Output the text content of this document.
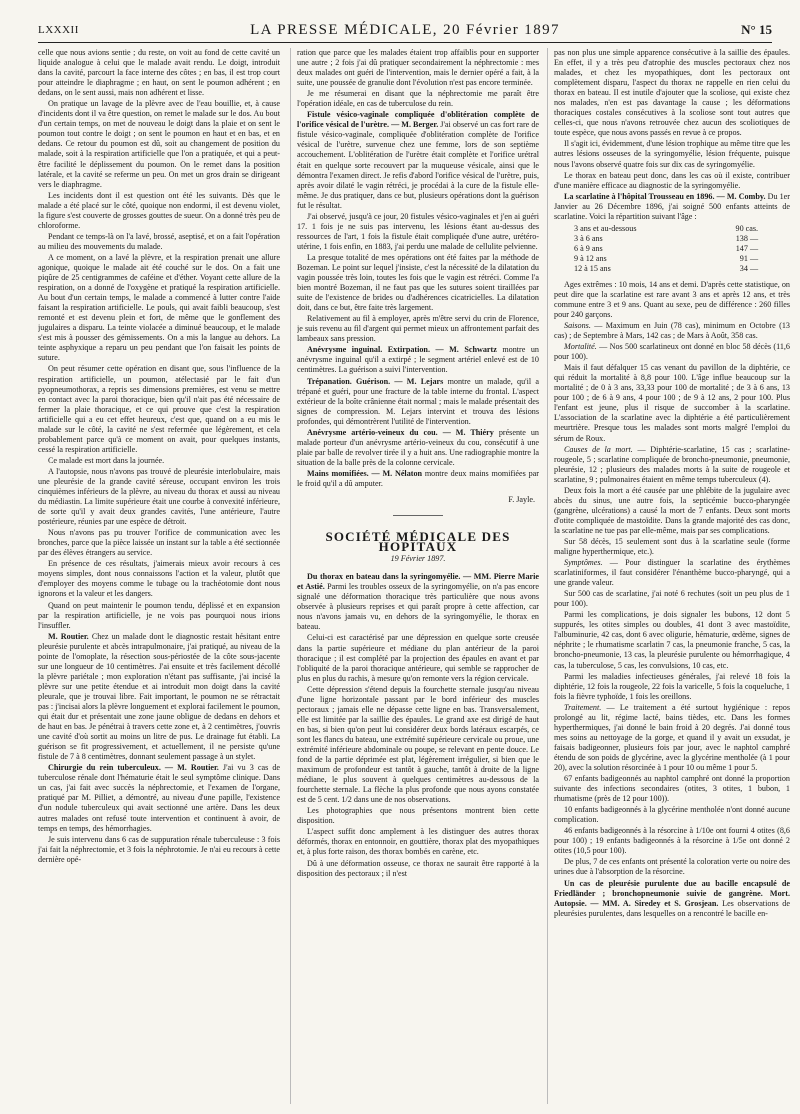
LXXXII	LA PRESSE MÉDICALE, 20 Février 1897	N° 15

celle que nous avions sentie ; du reste, on voit au fond de cette cavité un liquide analogue à celui que le malade avait rendu. Le doigt, introduit dans la cavité, parcourt la face interne des côtes ; en bas, il est trop court pour atteindre le diaphragme ; en haut, on sent le poumon adhérent ; en dedans, on le sent aussi, mais non adhérent et lisse.

On pratique un lavage de la plèvre avec de l'eau bouillie, et, à cause d'incidents dont il va être question, on remet le malade sur le dos. Au bout d'un certain temps, on met de nouveau le doigt dans la plaie et on sent le poumon tout contre le doigt ; on sent le poumon en haut et en bas, et en dedans. Ce retour du poumon est dû, soit au changement de position du malade, soit à la respiration artificielle que l'on a pratiquée, et qui a peut-être facilité le déplissement du poumon. On le remet dans la position latérale, et la cavité se referme un peu. On met un gros drain se dirigeant vers le diaphragme.

Les incidents dont il est question ont été les suivants. Dès que le malade a été placé sur le côté, quoique non endormi, il est devenu violet, la figure s'est couverte de grosses gouttes de sueur. On a donné très peu de chloroforme.

Pendant ce temps-là on l'a lavé, brossé, aseptisé, et on a fait l'opération au milieu des mouvements du malade.

A ce moment, on a lavé la plèvre, et la respiration prenait une allure agonique, quoique le malade ait été couché sur le dos. On a fait une piqûre de 25 centigrammes de caféine et d'éther. Voyant cette allure de la respiration, on a donné de l'oxygène et pratiqué la respiration artificielle. Au bout d'un certain temps, le malade a commencé à lutter contre l'aide faisant la respiration artificielle. Le pouls, qui avait faibli beaucoup, s'est remonté et est devenu plein et fort, de même que le gonflement des jugulaires a disparu. La teinte violacée a diminué beaucoup, et le malade s'est mis à pousser des gémissements. On a mis la langue au dehors. La teinte asphyxique a reparu un peu pendant que l'on faisait les points de suture.

On peut résumer cette opération en disant que, sous l'influence de la respiration artificielle, un poumon, atélectasié par le fait d'un pyopneumothorax, a repris ses dimensions premières, est venu se mettre en contact avec la paroi thoracique, bien qu'il n'ait pas été nécessaire de fermer la plaie thoracique, et ce qui prouve que c'est la respiration artificielle qui a eu cet effet heureux, c'est que, quand on a eu mis le malade sur le côté, la cavité ne s'est refermée que légèrement, et cela probablement parce qu'à ce moment on avait, pour quelques instants, cessé la respiration artificielle.

Ce malade est mort dans la journée.

A l'autopsie, nous n'avons pas trouvé de pleurésie interlobulaire, mais une pleurésie de la grande cavité séreuse, occupant environ les trois cinquièmes inférieurs de la plèvre, au niveau du thorax et aussi au niveau du médiastin. La limite supérieure était une courbe à convexité inférieure, de sorte qu'il y avait deux grandes cavités, l'une antérieure, l'autre postérieure, réunies par une espèce de détroit.

Nous n'avons pas pu trouver l'orifice de communication avec les bronches, parce que la pièce laissée un instant sur la table a été sectionnée par des élèves étrangers au service.

En présence de ces résultats, j'aimerais mieux avoir recours à ces moyens simples, dont nous connaissons l'action et la valeur, plutôt que d'employer des moyens comme le tubage ou la trachéotomie dont nous ignorons et la valeur et les dangers.

Quand on peut maintenir le poumon tendu, déplissé et en expansion par la respiration artificielle, je ne vois pas pourquoi nous irions l'insuffler.

M. Routier. Chez un malade dont le diagnostic restait hésitant entre pleurésie purulente et abcès intrapulmonaire, j'ai pratiqué, au niveau de la pointe de l'omoplate, la résection sous-périostée de la côte sous-jacente sur une longueur de 10 centimètres. J'ai ensuite et très facilement décollé la plèvre pariétale ; mon exploration n'étant pas suffisante, j'ai incisé la plèvre sur une petite étendue et ai introduit mon doigt dans la cavité pleurale, que je trouvai libre. Fait important, le poumon ne se rétractait pas : j'incisai alors la plèvre longuement et explorai facilement le poumon, qui était dur et présentait une zone jaune obligue de dedans en dehors et de haut en bas. Je pénétrai à travers cette zone et, à 2 centimètres, j'ouvris une cavité d'où sortit au moins un litre de pus. Le drainage fut établi. La guérison se fit progressivement, et actuellement, il ne persiste qu'une fistule de 7 à 8 centimètres, donnant seulement passage à un stylet.

Chirurgie du rein tuberculeux. — M. Routier. J'ai vu 3 cas de tuberculose rénale dont l'hématurie était le seul symptôme clinique. Dans un cas, j'ai fait avec succès la néphrectomie, et l'examen de l'organe, pratiqué par M. Pilliet, a démontré, au niveau d'une papille, l'existence d'un nodule tuberculeux qui avait sectionné une artère. Dans les deux autres malades ont refusé toute intervention et continuent à avoir, de temps en temps, des hémorrhagies.

Je suis intervenu dans 6 cas de suppuration rénale tuberculeuse : 3 fois j'ai fait la néphrectomie, et 3 fois la néphrotomie. Je n'ai eu recours à cette dernière opé-

ration que parce que les malades étaient trop affaiblis pour en supporter une autre ; 2 fois j'ai dû pratiquer secondairement la néphrectomie : mes deux malades ont guéri de l'intervention, mais le dernier opéré a fait, à la suite, une poussée de granulie dont l'évolution n'est pas encore terminée.

Je me résumerai en disant que la néphrectomie me paraît être l'opération idéale, en cas de tuberculose du rein.

Fistule vésico-vaginale compliquée d'oblitération complète de l'orifice vésical de l'urètre. — M. Berger. J'ai observé un cas fort rare de fistule vésico-vaginale, compliquée d'oblitération complète de l'orifice vésical de l'urètre, survenue chez une femme, lors de son septième accouchement. L'oblitération de l'urètre était complète et l'orifice urétral était en quelque sorte recouvert par la muqueuse vésicale, ainsi que le démontra l'examen direct. Je refis d'abord l'orifice vésical de l'urètre, puis, après avoir dilaté le vagin rétréci, je procédai à la cure de la fistule elle-même. Je dus pratiquer, dans ce but, plusieurs opérations dont la guérison fut le résultat.

J'ai observé, jusqu'à ce jour, 20 fistules vésico-vaginales et j'en ai guéri 17. 1 fois je ne suis pas intervenu, les lésions étant au-dessus des ressources de l'art, 1 fois la fistule était compliquée d'une autre, urétéro-utérine, 1 fois enfin, en 1883, j'ai perdu une malade de cellulite pelvienne.

La presque totalité de mes opérations ont été faites par la méthode de Bozeman. Le point sur lequel j'insiste, c'est la nécessité de la dilatation du vagin poussée très loin, toutes les fois que le vagin est rétréci. Comme l'a bien montré Bozeman, il ne faut pas que les sutures soient tiraillées par suite de l'existence de brides ou d'adhérences cicatricielles. La dilatation doit, dans ce but, être faite très largement.

Relativement au fil à employer, après m'être servi du crin de Florence, je suis revenu au fil d'argent qui permet mieux un affrontement parfait des lambeaux sans pression.

Anévrysme inguinal. Extirpation. — M. Schwartz montre un anévrysme inguinal qu'il a extirpé ; le segment artériel enlevé est de 10 centimètres. La guérison a suivi l'intervention.

Trépanation. Guérison. — M. Lejars montre un malade, qu'il a trépané et guéri, pour une fracture de la table interne du frontal. L'aspect extérieur de la boîte crânienne était normal ; mais le malade présentait des signes de compression. M. Lejars intervint et trouva des lésions profondes, qui démontrèrent l'utilité de l'intervention.

Anévrysme artério-veineux du cou. — M. Thiéry présente un malade porteur d'un anévrysme artério-veineux du cou, consécutif à une plaie par balle de revolver tirée il y a huit ans. Une radiographie montre la situation de la balle près de la colonne cervicale.

Mains momifiées. — M. Nélaton montre deux mains momifiées par le froid qu'il a dû amputer.

F. Jayle.
SOCIÉTÉ MÉDICALE DES HOPITAUX
19 Février 1897.

Du thorax en bateau dans la syringomyélie. — MM. Pierre Marie et Astié. Parmi les troubles osseux de la syringomyélie, on n'a pas encore signalé une déformation thoracique très particulière que nous avons observée à plusieurs reprises et qui paraît propre à cette affection, car nous n'avons jamais vu, en dehors de la syringomyélie, le thorax en bateau.

Celui-ci est caractérisé par une dépression en quelque sorte creusée dans la partie supérieure et médiane du plan antérieur de la paroi thoracique ; il est complété par la projection des épaules en avant et par l'obliquité de la paroi thoracique antérieure, qui semble se rapprocher de plus en plus du rachis, à mesure qu'on remonte vers la région cervicale.

Cette dépression s'étend depuis la fourchette sternale jusqu'au niveau d'une ligne horizontale passant par le bord inférieur des muscles pectoraux ; jamais elle ne dépasse cette ligne en bas. Transversalement, elle est limitée par la saillie des épaules. Le grand axe est dirigé de haut en bas, si bien qu'on peut lui considérer deux bords latéraux escarpés, ce sont les flancs du bateau, une extrémité supérieure cervicale ou proue, une extrémité inférieure abdominale ou poupe, se relevant en pente douce. Le fond de la partie déprimée est plat, légèrement irrégulier, si bien que le maximum de profondeur est tantôt à gauche, tantôt à droite de la ligne médiane, le plus souvent à quelques centimètres au-dessous de la fourchette sternale. La flèche la plus profonde que nous ayons constatée est de 5 cent. 1/2 dans une de nos observations.

Les photographies que nous présentons montrent bien cette disposition.

L'aspect suffit donc amplement à les distinguer des autres thorax déformés, thorax en entonnoir, en gouttière, thorax plat des myopathiques et, à plus forte raison, des thorax bombés en carène, etc.

Dû à une déformation osseuse, ce thorax ne saurait être rapporté à la disposition des pectoraux ; il n'est

pas non plus une simple apparence consécutive à la saillie des épaules. En effet, il y a très peu d'atrophie des muscles pectoraux chez nos malades, et chez les myopathiques, dont les pectoraux ont complètement disparu, l'aspect du thorax ne rappelle en rien celui du thorax en bateau. Il est inutile d'ajouter que la scoliose, qui existe chez nos malades, n'en est pas davantage la cause ; les déformations thoraciques costales consécutives à la scoliose sont tout autres que celles-ci, que nous n'avons retrouvée chez aucun des scoliotiques de toute espèce, que nous avons passés en revue à ce propos.

Il s'agit ici, évidemment, d'une lésion trophique au même titre que les autres lésions osseuses de la syringomyélie, lésion fréquente, puisque nous l'avons observé quatre fois sur dix cas de syringomyélie.

Le thorax en bateau peut donc, dans les cas où il existe, contribuer d'une manière efficace au diagnostic de la syringomyélie.

La scarlatine à l'hôpital Trousseau en 1896. — M. Comby. Du 1er Janvier au 26 Décembre 1896, j'ai soigné 500 enfants atteints de scarlatine. Voici la répartition suivant l'âge :

3 ans et au-dessous	90 cas.
3 à 6 ans	138 —
6 à 9 ans	147 —
9 à 12 ans	91 —
12 à 15 ans	34 —

Ages extrêmes : 10 mois, 14 ans et demi. D'après cette statistique, on peut dire que la scarlatine est rare avant 3 ans et après 12 ans, et très commune entre 3 et 9 ans. Quant au sexe, peu de différence : 260 filles pour 240 garçons.

Saisons. — Maximum en Juin (78 cas), minimum en Octobre (13 cas) ; de Septembre à Mars, 142 cas ; de Mars à Août, 358 cas.

Mortalité. — Nos 500 scarlatineux ont donné en bloc 58 décès (11,6 pour 100).

Mais il faut défalquer 15 cas venant du pavillon de la diphtérie, ce qui réduit la mortalité à 8,8 pour 100. L'âge influe beaucoup sur la mortalité ; de 0 à 3 ans, 33,33 pour 100 de mortalité ; de 3 à 6 ans, 13 pour 100 ; de 6 à 9 ans, 4 pour 100 ; de 9 à 12 ans, 2 pour 100. Plus l'enfant est jeune, plus il risque de succomber à la scarlatine. L'association de la scarlatine avec la diphtérie a été particulièrement meurtrière. Presque tous les malades sont morts malgré l'emploi du sérum de Roux.

Causes de la mort. — Diphtérie-scarlatine, 15 cas ; scarlatine-rougeole, 5 ; scarlatine compliquée de broncho-pneumonie, pneumonie, pleurésie, 12 ; plusieurs des malades morts à la suite de rougeole et scarlatine, 9 ; pulmonaires étaient en même temps tuberculeux (4).

Deux fois la mort a été causée par une phlébite de la jugulaire avec abcès du sinus, une autre fois, la septicémie bucco-pharyngée (gangrène, ulcérations) a causé la mort de 7 enfants. Deux sont morts d'otite compliquée de mastoïdite. Dans la grande majorité des cas donc, la scarlatine ne tue pas par elle-même, mais par ses complications.

Sur 58 décès, 15 seulement sont dus à la scarlatine seule (forme maligne hyperthermique, etc.).

Symptômes. — Pour distinguer la scarlatine des érythèmes scarlatiniformes, il faut considérer l'énanthème bucco-pharyngé, qui a une grande valeur.

Sur 500 cas de scarlatine, j'ai noté 6 rechutes (soit un peu plus de 1 pour 100).

Parmi les complications, je dois signaler les bubons, 12 dont 5 suppurés, les otites simples ou doubles, 41 dont 3 avec mastoïdite, l'albuminurie, 42 cas, dont 6 avec oligurie, hématurie, œdème, signes de néphrite ; le rhumatisme scarlatin 7 cas, la pneumonie franche, 5 cas, la broncho-pneumonie, 13 cas, la pleurésie purulente ou hémorrhagique, 4 cas, la tuberculose, 5 cas, les convulsions, 10 cas, etc.

Parmi les maladies infectieuses générales, j'ai relevé 18 fois la diphtérie, 12 fois la rougeole, 22 fois la varicelle, 5 fois la coqueluche, 1 fois la fièvre typhoïde, 1 fois les oreillons.

Traitement. — Le traitement a été surtout hygiénique : repos prolongé au lit, régime lacté, bains tièdes, etc. Dans les formes hyperthermiques, j'ai donné le bain froid à 20 degrés. J'ai donné tous mes soins au nettoyage de la gorge, et quand il y avait un exsudat, je faisais badigeonner, plusieurs fois par jour, avec le naphtol camphré étendu de son poids de glycérine, avec la glycérine mentholée (à 1 pour 20), avec la solution résorcinée à 1 pour 10 ou même 1 pour 5.

67 enfants badigeonnés au naphtol camphré ont donné la proportion suivante des infections secondaires (otites, 3 otites, 1 bubon, 1 rhumatisme (près de 12 pour 100)).

10 enfants badigeonnés à la glycérine mentholée n'ont donné aucune complication.

46 enfants badigeonnés à la résorcine à 1/10e ont fourni 4 otites (8,6 pour 100) ; 19 enfants badigeonnés à la résorcine à 1/5e ont donné 2 otites (10,5 pour 100).

De plus, 7 de ces enfants ont présenté la coloration verte ou noire des urines due à l'absorption de la résorcine.

Un cas de pleurésie purulente due au bacille encapsulé de Friedländer ; bronchopneumonie suivie de gangrène. Mort. Autopsie. — MM. A. Siredey et S. Grosjean. Les observations de pleurésies purulentes, dans lesquelles on a rencontré le bacille en-
